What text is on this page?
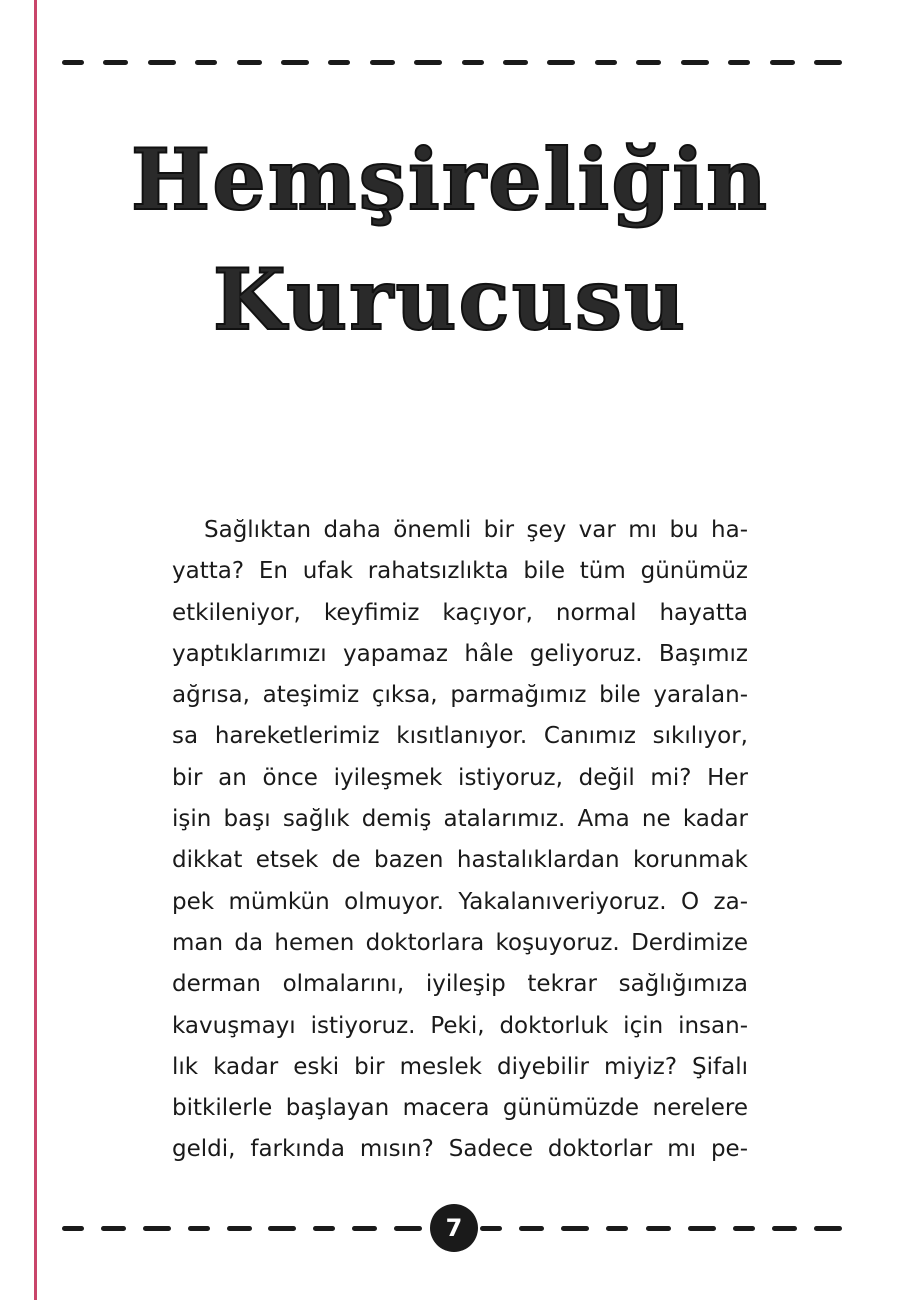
Hemşireliğin
Kurucusu
Sağlıktan daha önemli bir şey var mı bu ha-
yatta? En ufak rahatsızlıkta bile tüm günümüz
etkileniyor, keyfimiz kaçıyor, normal hayatta
yaptıklarımızı yapamaz hâle geliyoruz. Başımız
ağrısa, ateşimiz çıksa, parmağımız bile yaralan-
sa hareketlerimiz kısıtlanıyor. Canımız sıkılıyor,
bir an önce iyileşmek istiyoruz, değil mi? Her
işin başı sağlık demiş atalarımız. Ama ne kadar
dikkat etsek de bazen hastalıklardan korunmak
pek mümkün olmuyor. Yakalanıveriyoruz. O za-
man da hemen doktorlara koşuyoruz. Derdimize
derman olmalarını, iyileşip tekrar sağlığımıza
kavuşmayı istiyoruz. Peki, doktorluk için insan-
lık kadar eski bir meslek diyebilir miyiz? Şifalı
bitkilerle başlayan macera günümüzde nerelere
geldi, farkında mısın? Sadece doktorlar mı pe-
7
